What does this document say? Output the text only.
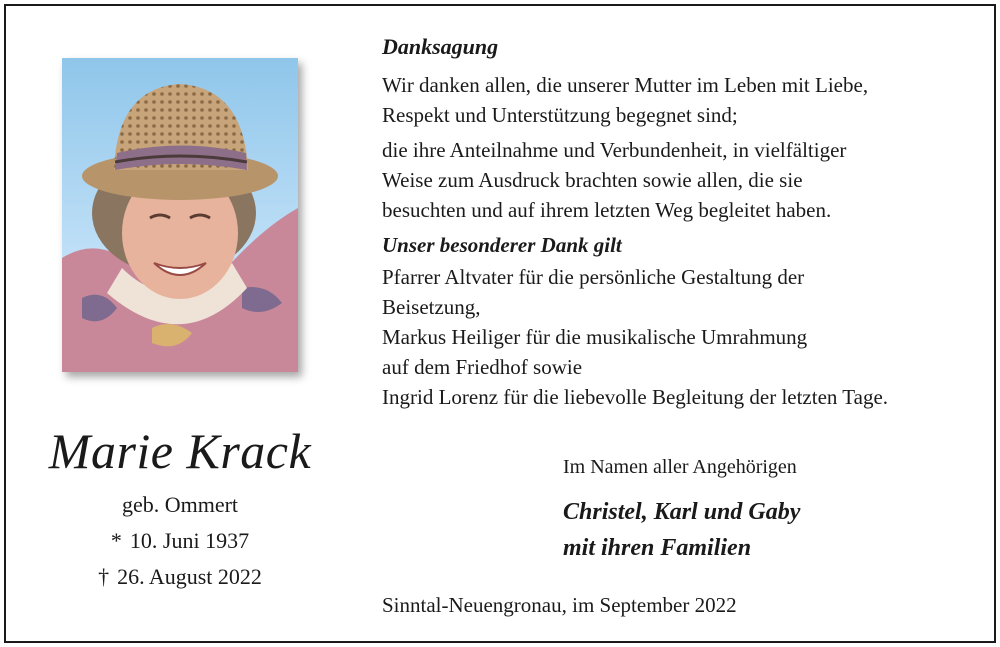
Marie Krack
geb. Ommert
* 10. Juni 1937
† 26. August 2022
Danksagung
Wir danken allen, die unserer Mutter im Leben mit Liebe,
Respekt und Unterstützung begegnet sind;
die ihre Anteilnahme und Verbundenheit, in vielfältiger
Weise zum Ausdruck brachten sowie allen, die sie
besuchten und auf ihrem letzten Weg begleitet haben.
Unser besonderer Dank gilt
Pfarrer Altvater für die persönliche Gestaltung der
Beisetzung,
Markus Heiliger für die musikalische Umrahmung
auf dem Friedhof sowie
Ingrid Lorenz für die liebevolle Begleitung der letzten Tage.
Im Namen aller Angehörigen
Christel, Karl und Gaby
mit ihren Familien
Sinntal-Neuengronau, im September 2022
